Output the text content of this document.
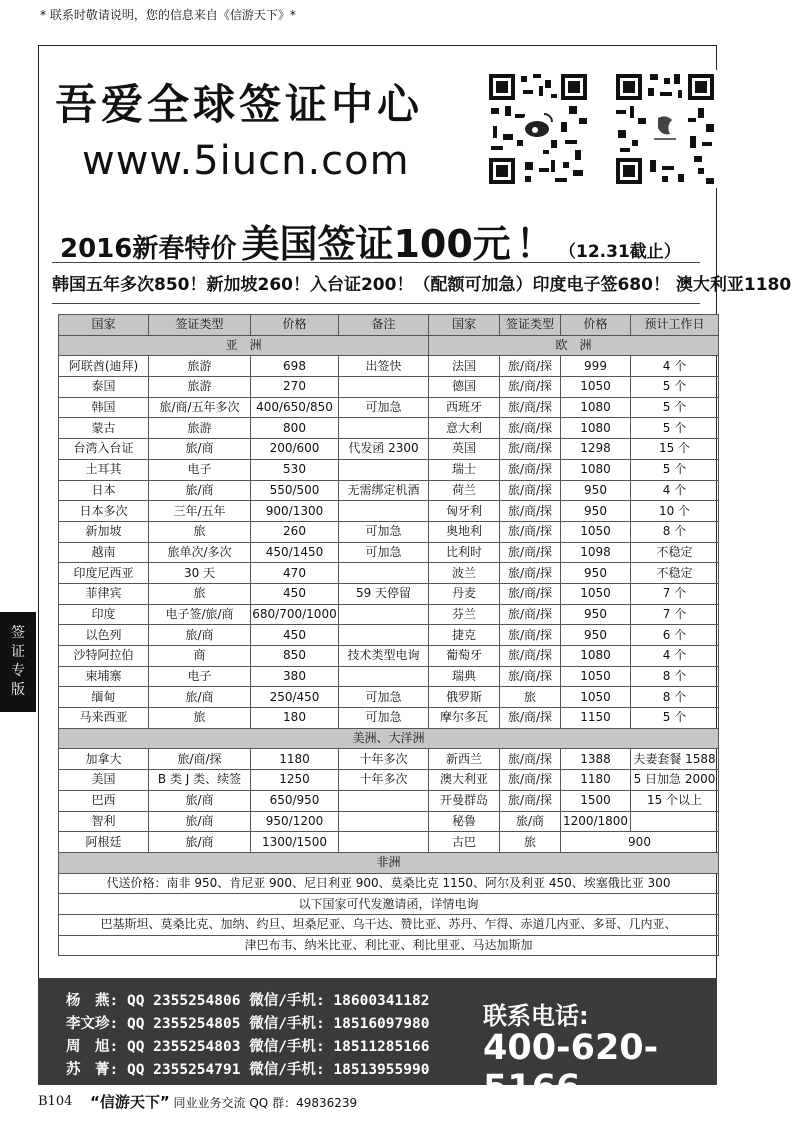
* 联系时敬请说明，您的信息来自《信游天下》*
吾爱全球签证中心
www.5iucn.com
2016新春特价 美国签证100元 ！ （12.31截止）
韩国五年多次850！新加坡260！入台证200！（配额可加急）印度电子签680！ 澳大利亚1180
国家	签证类型	价格	备注	国家	签证类型	价格	预计工作日
亚　洲				欧　洲			
阿联酋(迪拜)	旅游	698	出签快	法国	旅/商/探	999	4 个
泰国	旅游	270		德国	旅/商/探	1050	5 个
韩国	旅/商/五年多次	400/650/850	可加急	西班牙	旅/商/探	1080	5 个
蒙古	旅游	800		意大利	旅/商/探	1080	5 个
台湾入台证	旅/商	200/600	代发函 2300	英国	旅/商/探	1298	15 个
土耳其	电子	530		瑞士	旅/商/探	1080	5 个
日本	旅/商	550/500	无需绑定机酒	荷兰	旅/商/探	950	4 个
日本多次	三年/五年	900/1300		匈牙利	旅/商/探	950	10 个
新加坡	旅	260	可加急	奥地利	旅/商/探	1050	8 个
越南	旅单次/多次	450/1450	可加急	比利时	旅/商/探	1098	不稳定
印度尼西亚	30 天	470		波兰	旅/商/探	950	不稳定
菲律宾	旅	450	59 天停留	丹麦	旅/商/探	1050	7 个
印度	电子签/旅/商	680/700/1000		芬兰	旅/商/探	950	7 个
以色列	旅/商	450		捷克	旅/商/探	950	6 个
沙特阿拉伯	商	850	技术类型电询	葡萄牙	旅/商/探	1080	4 个
柬埔寨	电子	380		瑞典	旅/商/探	1050	8 个
缅甸	旅/商	250/450	可加急	俄罗斯	旅	1050	8 个
马来西亚	旅	180	可加急	摩尔多瓦	旅/商/探	1150	5 个
美洲、大洋洲							
加拿大	旅/商/探	1180	十年多次	新西兰	旅/商/探	1388	夫妻套餐 1588
美国	B 类 J 类、续签	1250	十年多次	澳大利亚	旅/商/探	1180	5 日加急 2000
巴西	旅/商	650/950		开曼群岛	旅/商/探	1500	15 个以上
智利	旅/商	950/1200		秘鲁	旅/商	1200/1800	
阿根廷	旅/商	1300/1500		古巴	旅	900	
非洲							
代送价格：南非 950、肯尼亚 900、尼日利亚 900、莫桑比克 1150、阿尔及利亚 450、埃塞俄比亚 300							
以下国家可代发邀请函，详情电询							
巴基斯坦、莫桑比克、加纳、约旦、坦桑尼亚、乌干达、赞比亚、苏丹、乍得、赤道几内亚、多哥、几内亚、							
津巴布韦、纳米比亚、利比亚、利比里亚、马达加斯加							
签
证
专
版
杨　燕: QQ 2355254806 微信/手机: 18600341182
李文珍: QQ 2355254805 微信/手机: 18516097980
周　旭: QQ 2355254803 微信/手机: 18511285166
苏　菁: QQ 2355254791 微信/手机: 18513955990
联系电话:
400-620-5166
B104 “信游天下” 同业业务交流 QQ 群：49836239
